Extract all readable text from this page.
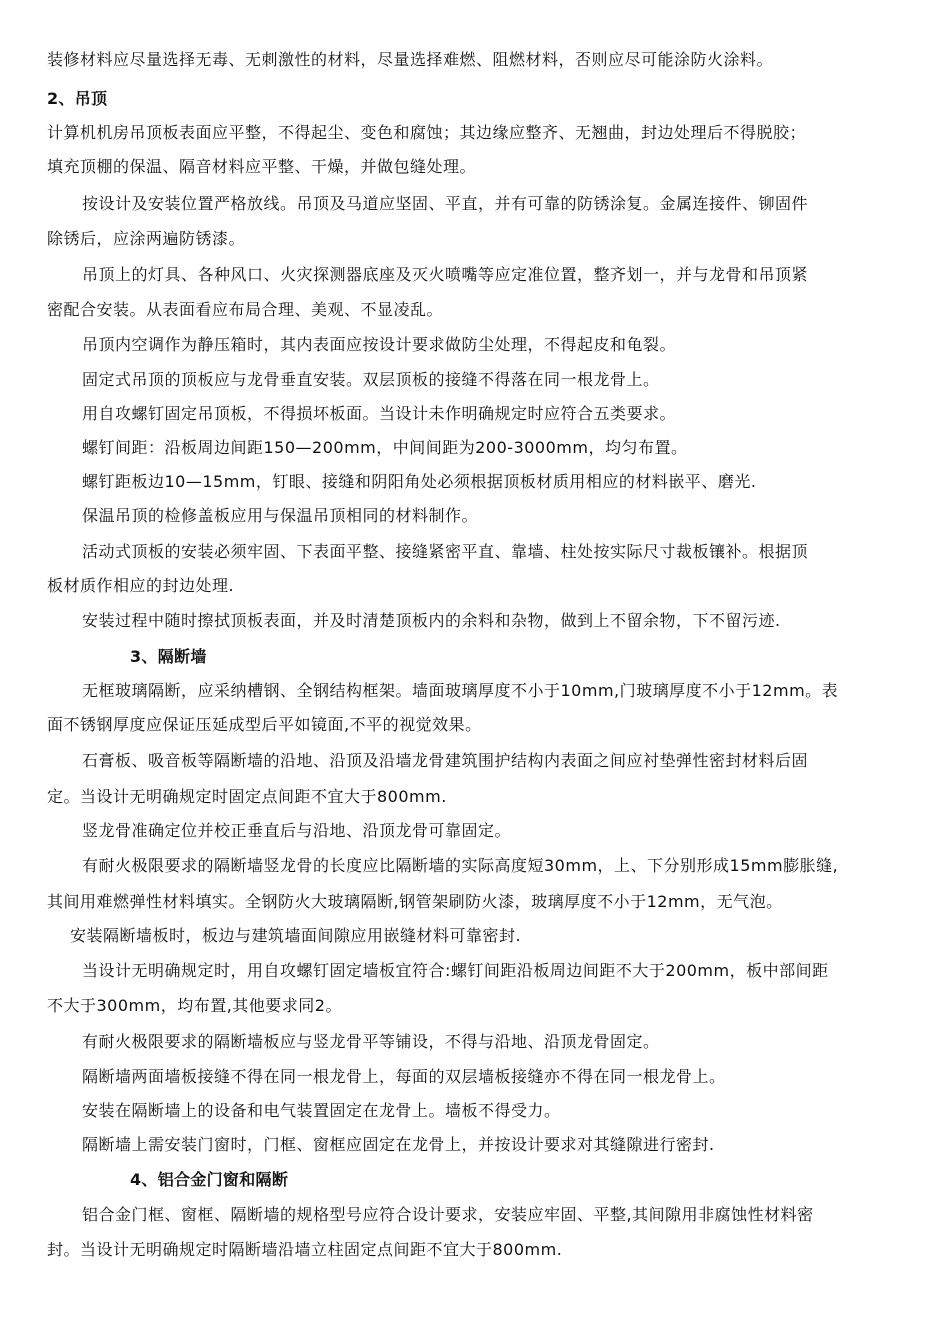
装修材料应尽量选择无毒、无刺激性的材料，尽量选择难燃、阻燃材料，否则应尽可能涂防火涂料。

2、吊顶

计算机机房吊顶板表面应平整，不得起尘、变色和腐蚀；其边缘应整齐、无翘曲，封边处理后不得脱胶；

填充顶棚的保温、隔音材料应平整、干燥，并做包缝处理。

按设计及安装位置严格放线。吊顶及马道应坚固、平直，并有可靠的防锈涂复。金属连接件、铆固件

除锈后，应涂两遍防锈漆。

吊顶上的灯具、各种风口、火灾探测器底座及灭火喷嘴等应定准位置，整齐划一，并与龙骨和吊顶紧

密配合安装。从表面看应布局合理、美观、不显凌乱。

吊顶内空调作为静压箱时，其内表面应按设计要求做防尘处理，不得起皮和龟裂。

固定式吊顶的顶板应与龙骨垂直安装。双层顶板的接缝不得落在同一根龙骨上。

用自攻螺钉固定吊顶板，不得损坏板面。当设计未作明确规定时应符合五类要求。

螺钉间距：沿板周边间距150—200mm，中间间距为200-3000mm，均匀布置。

螺钉距板边10—15mm，钉眼、接缝和阴阳角处必须根据顶板材质用相应的材料嵌平、磨光.

保温吊顶的检修盖板应用与保温吊顶相同的材料制作。

活动式顶板的安装必须牢固、下表面平整、接缝紧密平直、靠墙、柱处按实际尺寸裁板镶补。根据顶

板材质作相应的封边处理.

安装过程中随时擦拭顶板表面，并及时清楚顶板内的余料和杂物，做到上不留余物，下不留污迹.

3、隔断墙

无框玻璃隔断，应采纳槽钢、全钢结构框架。墙面玻璃厚度不小于10mm,门玻璃厚度不小于12mm。表

面不锈钢厚度应保证压延成型后平如镜面,不平的视觉效果。

石膏板、吸音板等隔断墙的沿地、沿顶及沿墙龙骨建筑围护结构内表面之间应衬垫弹性密封材料后固

定。当设计无明确规定时固定点间距不宜大于800mm.

竖龙骨准确定位并校正垂直后与沿地、沿顶龙骨可靠固定。

有耐火极限要求的隔断墙竖龙骨的长度应比隔断墙的实际高度短30mm，上、下分别形成15mm膨胀缝,

其间用难燃弹性材料填实。全钢防火大玻璃隔断,钢管架刷防火漆，玻璃厚度不小于12mm，无气泡。

安装隔断墙板时，板边与建筑墙面间隙应用嵌缝材料可靠密封.

当设计无明确规定时，用自攻螺钉固定墙板宜符合:螺钉间距沿板周边间距不大于200mm，板中部间距

不大于300mm，均布置,其他要求同2。

有耐火极限要求的隔断墙板应与竖龙骨平等铺设，不得与沿地、沿顶龙骨固定。

隔断墙两面墙板接缝不得在同一根龙骨上，每面的双层墙板接缝亦不得在同一根龙骨上。

安装在隔断墙上的设备和电气装置固定在龙骨上。墙板不得受力。

隔断墙上需安装门窗时，门框、窗框应固定在龙骨上，并按设计要求对其缝隙进行密封.

4、铝合金门窗和隔断

铝合金门框、窗框、隔断墙的规格型号应符合设计要求，安装应牢固、平整,其间隙用非腐蚀性材料密

封。当设计无明确规定时隔断墙沿墙立柱固定点间距不宜大于800mm.
